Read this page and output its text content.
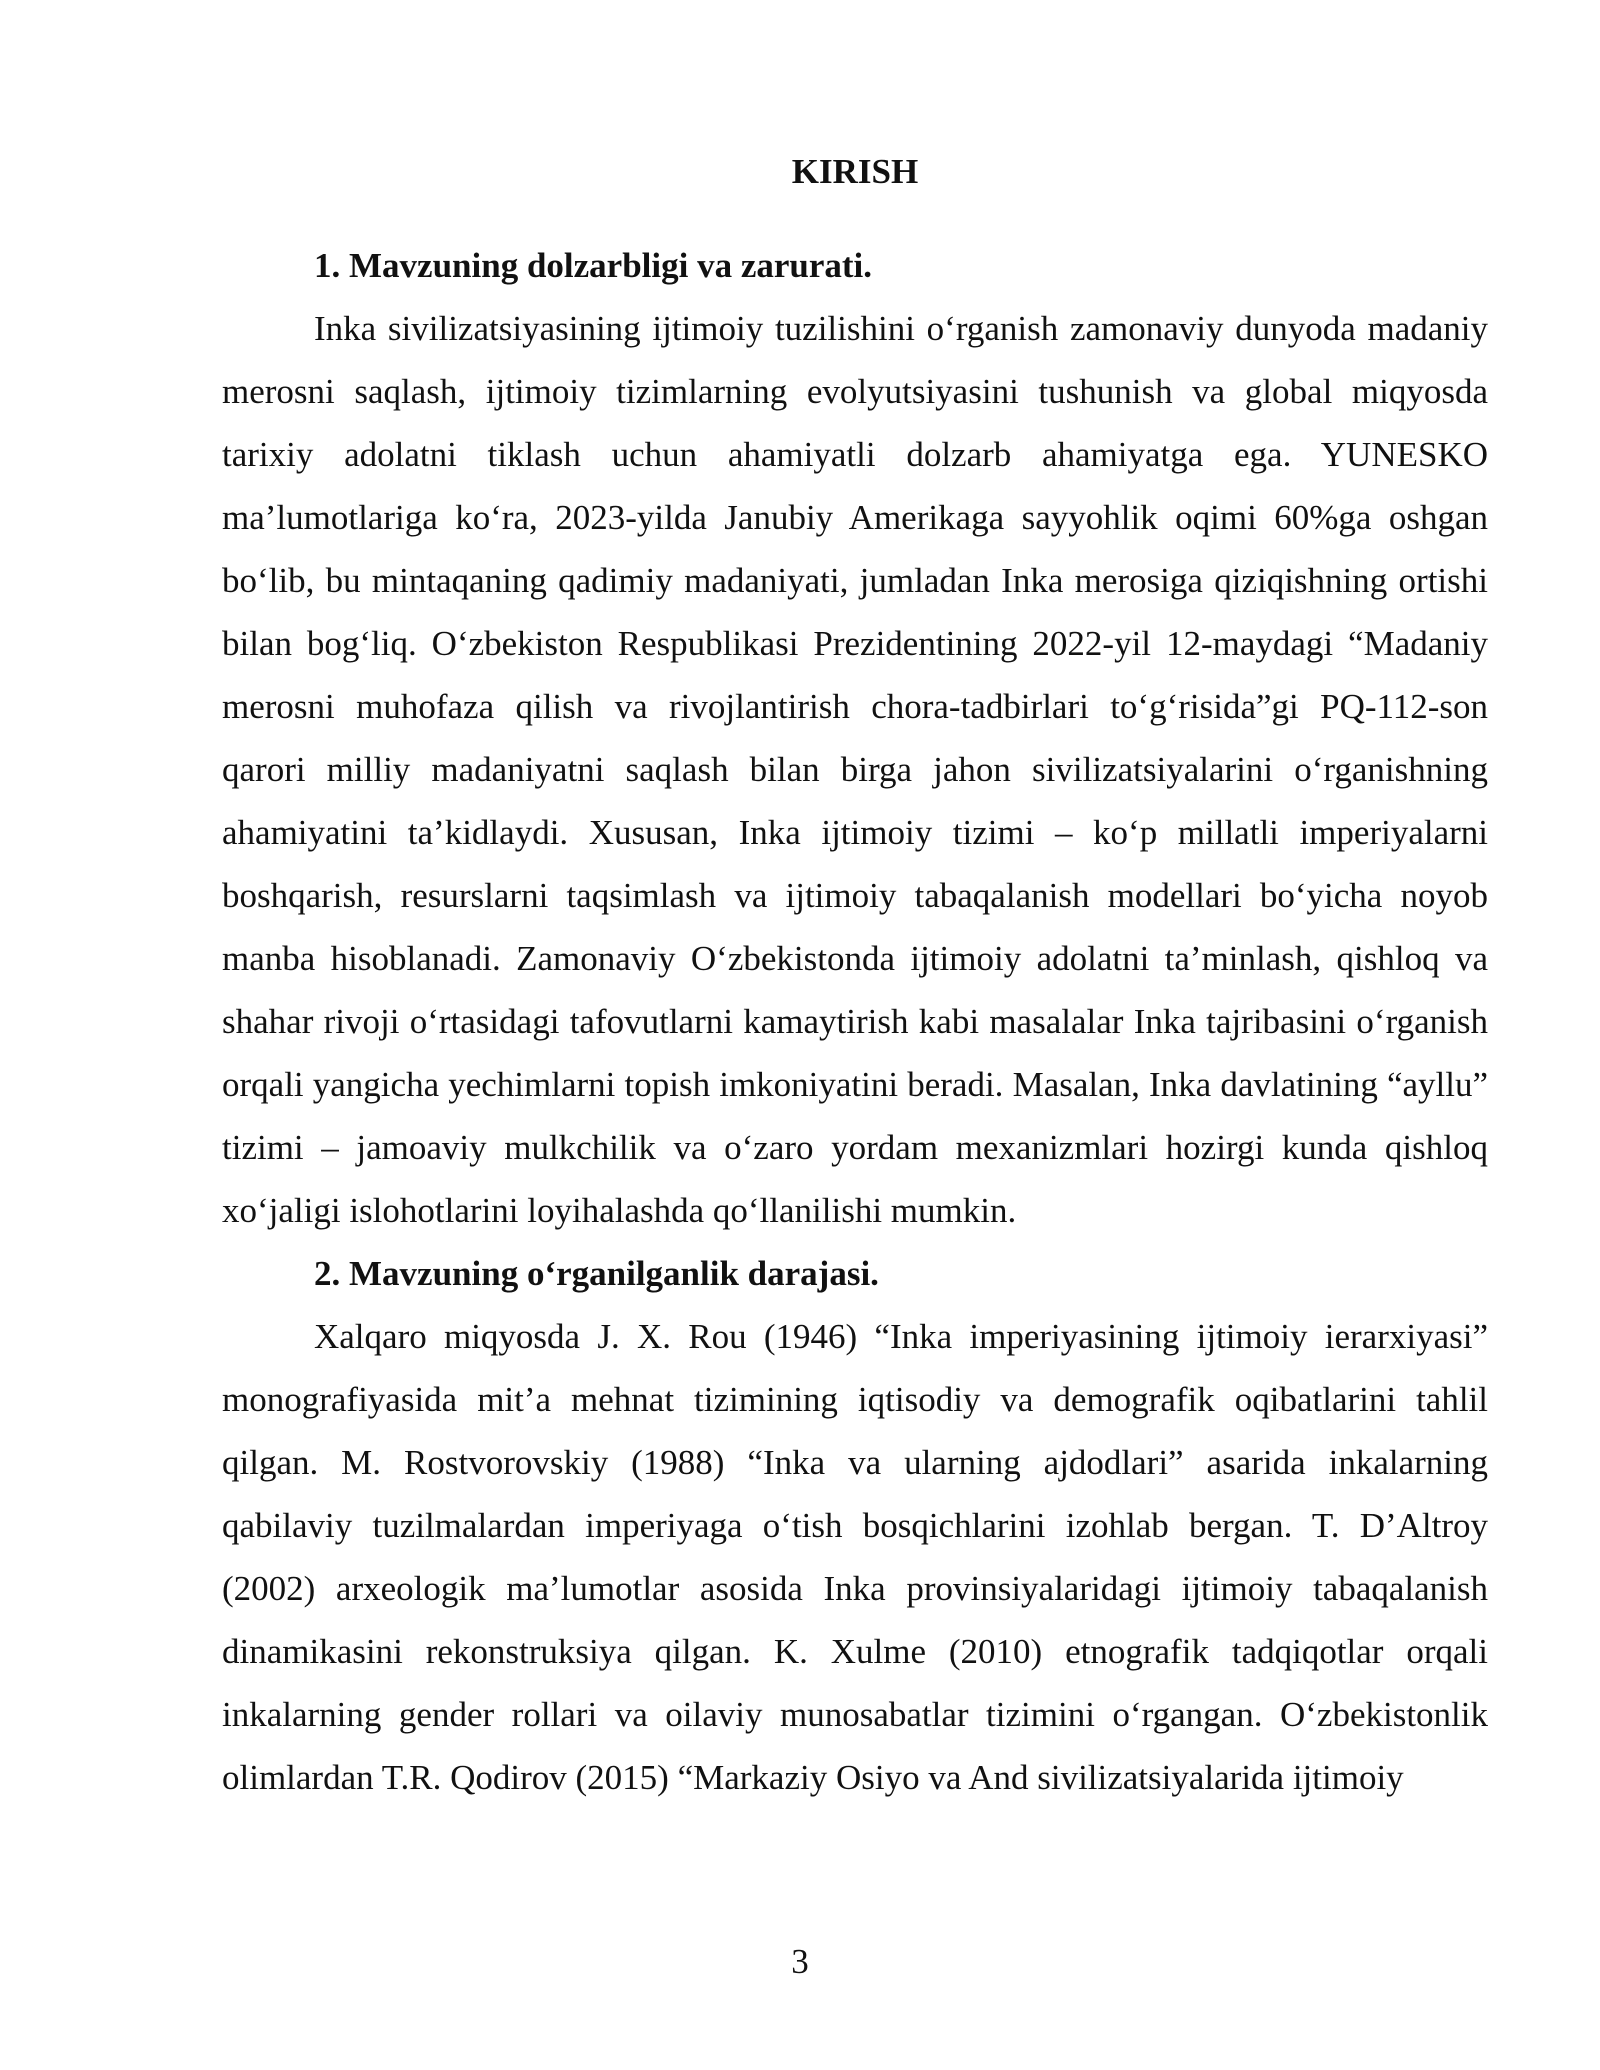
KIRISH

1. Mavzuning dolzarbligi va zarurati.

Inka sivilizatsiyasining ijtimoiy tuzilishini o‘rganish zamonaviy dunyoda madaniy merosni saqlash, ijtimoiy tizimlarning evolyutsiyasini tushunish va global miqyosda tarixiy adolatni tiklash uchun ahamiyatli dolzarb ahamiyatga ega. YUNESKO ma’lumotlariga ko‘ra, 2023-yilda Janubiy Amerikaga sayyohlik oqimi 60%ga oshgan bo‘lib, bu mintaqaning qadimiy madaniyati, jumladan Inka merosiga qiziqishning ortishi bilan bog‘liq. O‘zbekiston Respublikasi Prezidentining 2022-yil 12-maydagi “Madaniy merosni muhofaza qilish va rivojlantirish chora-tadbirlari to‘g‘risida”gi PQ-112-son qarori milliy madaniyatni saqlash bilan birga jahon sivilizatsiyalarini o‘rganishning ahamiyatini ta’kidlaydi. Xususan, Inka ijtimoiy tizimi – ko‘p millatli imperiyalarni boshqarish, resurslarni taqsimlash va ijtimoiy tabaqalanish modellari bo‘yicha noyob manba hisoblanadi. Zamonaviy O‘zbekistonda ijtimoiy adolatni ta’minlash, qishloq va shahar rivoji o‘rtasidagi tafovutlarni kamaytirish kabi masalalar Inka tajribasini o‘rganish orqali yangicha yechimlarni topish imkoniyatini beradi. Masalan, Inka davlatining “ayllu” tizimi – jamoaviy mulkchilik va o‘zaro yordam mexanizmlari hozirgi kunda qishloq xo‘jaligi islohotlarini loyihalashda qo‘llanilishi mumkin.

2. Mavzuning o‘rganilganlik darajasi.

Xalqaro miqyosda J. X. Rou (1946) “Inka imperiyasining ijtimoiy ierarxiyasi” monografiyasida mit’a mehnat tizimining iqtisodiy va demografik oqibatlarini tahlil qilgan. M. Rostvorovskiy (1988) “Inka va ularning ajdodlari” asarida inkalarning qabilaviy tuzilmalardan imperiyaga o‘tish bosqichlarini izohlab bergan. T. D’Altroy (2002) arxeologik ma’lumotlar asosida Inka provinsiyalaridagi ijtimoiy tabaqalanish dinamikasini rekonstruksiya qilgan. K. Xulme (2010) etnografik tadqiqotlar orqali inkalarning gender rollari va oilaviy munosabatlar tizimini o‘rgangan. O‘zbekistonlik olimlardan T.R. Qodirov (2015) “Markaziy Osiyo va And sivilizatsiyalarida ijtimoiy

3
